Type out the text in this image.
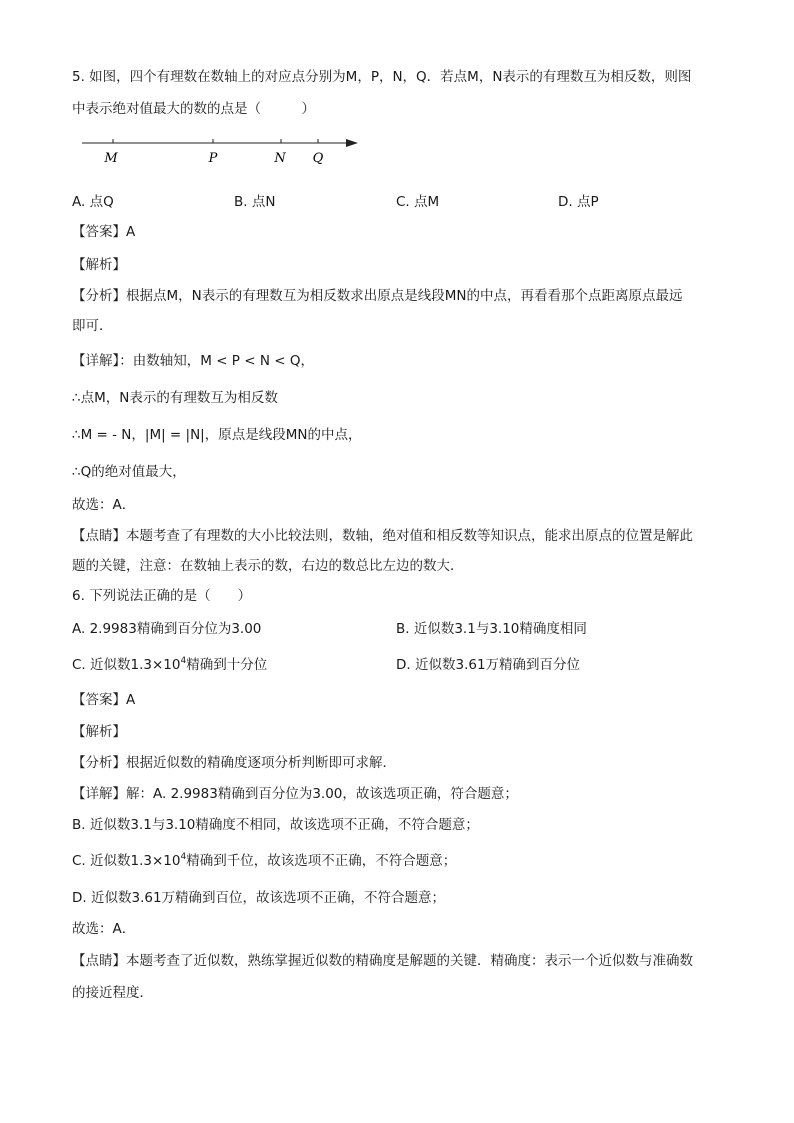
5. 如图，四个有理数在数轴上的对应点分别为M，P，N，Q．若点M，N表示的有理数互为相反数，则图
中表示绝对值最大的数的点是（　　　）
M	P	N Q
A. 点Q	B. 点N	C. 点M	D. 点P
【答案】A
【解析】
【分析】根据点M，N表示的有理数互为相反数求出原点是线段MN的中点，再看看那个点距离原点最远
即可．
【详解】：由数轴知，M < P < N < Q，
∴点M，N表示的有理数互为相反数
∴M = - N，|M| = |N|，原点是线段MN的中点，
∴Q的绝对值最大，
故选：A．
【点睛】本题考查了有理数的大小比较法则，数轴，绝对值和相反数等知识点，能求出原点的位置是解此
题的关键，注意：在数轴上表示的数，右边的数总比左边的数大．
6. 下列说法正确的是（　　）
A. 2.9983精确到百分位为3.00	B. 近似数3.1与3.10精确度相同
C. 近似数$1.3\times 10^4$精确到十分位	D. 近似数3.61万精确到百分位
【答案】A
【解析】
【分析】根据近似数的精确度逐项分析判断即可求解．
【详解】解：A. 2.9983精确到百分位为3.00，故该选项正确，符合题意；
B. 近似数3.1与3.10精确度不相同，故该选项不正确，不符合题意；
C. 近似数$1.3\times 10^4$精确到千位，故该选项不正确，不符合题意；
D. 近似数3.61万精确到百位，故该选项不正确，不符合题意；
故选：A．
【点睛】本题考查了近似数，熟练掌握近似数的精确度是解题的关键．精确度：表示一个近似数与准确数
的接近程度．
